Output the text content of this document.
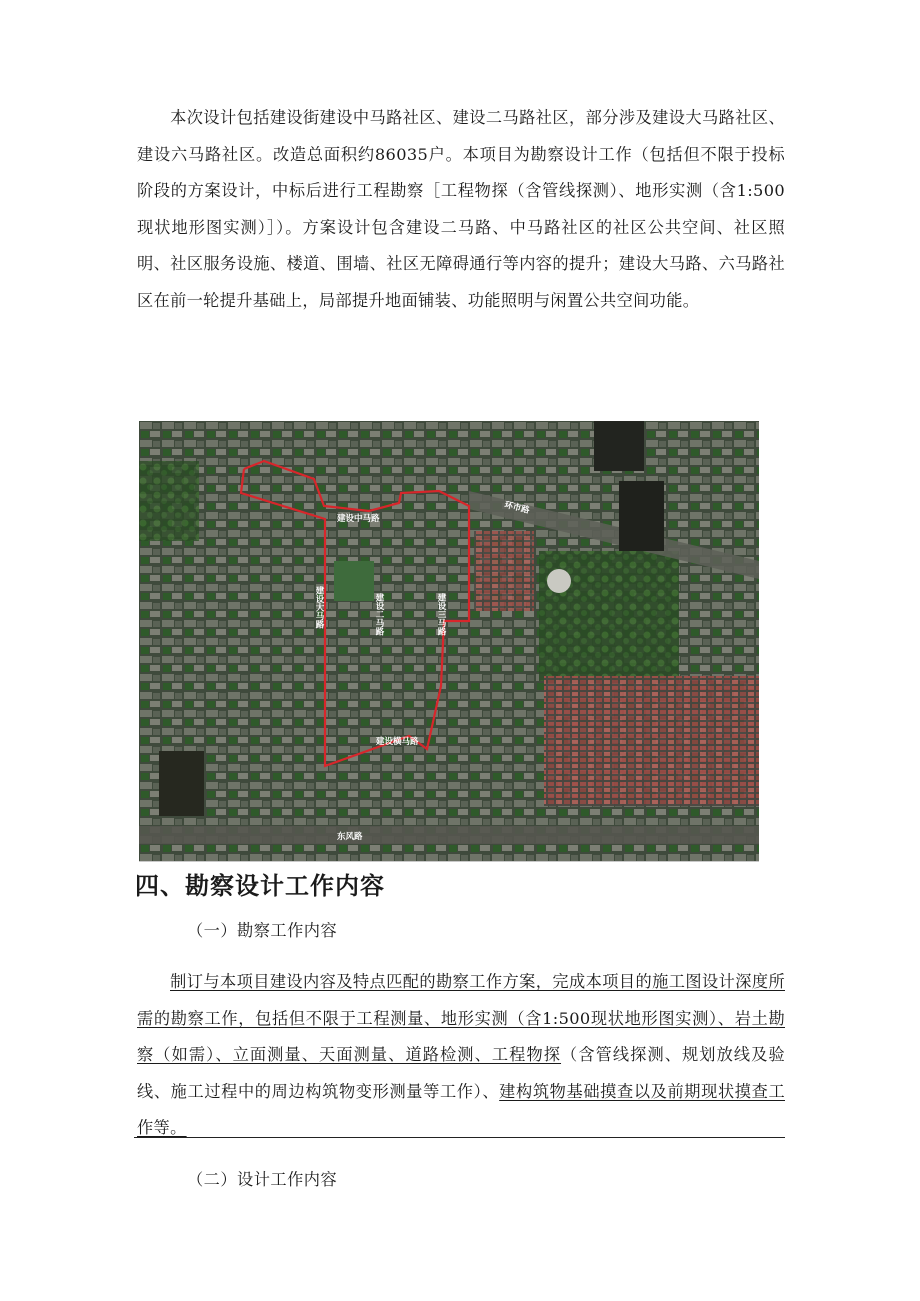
本次设计包括建设街建设中马路社区、建设二马路社区，部分涉及建设大马路社区、建设六马路社区。改造总面积约86035户。本项目为勘察设计工作（包括但不限于投标阶段的方案设计，中标后进行工程勘察［工程物探（含管线探测）、地形实测（含1:500现状地形图实测）］）。方案设计包含建设二马路、中马路社区的社区公共空间、社区照明、社区服务设施、楼道、围墙、社区无障碍通行等内容的提升；建设大马路、六马路社区在前一轮提升基础上，局部提升地面铺装、功能照明与闲置公共空间功能。

环市路
建设中马路
建设大马路	建设二马路	建设三马路
建设横马路
东风路
四、勘察设计工作内容

（一）勘察工作内容

制订与本项目建设内容及特点匹配的勘察工作方案，完成本项目的施工图设计深度所需的勘察工作，包括但不限于工程测量、地形实测（含1:500现状地形图实测）、岩土勘察（如需）、立面测量、天面测量、道路检测、工程物探（含管线探测、规划放线及验线、施工过程中的周边构筑物变形测量等工作）、建构筑物基础摸查以及前期现状摸查工作等。

（二）设计工作内容
